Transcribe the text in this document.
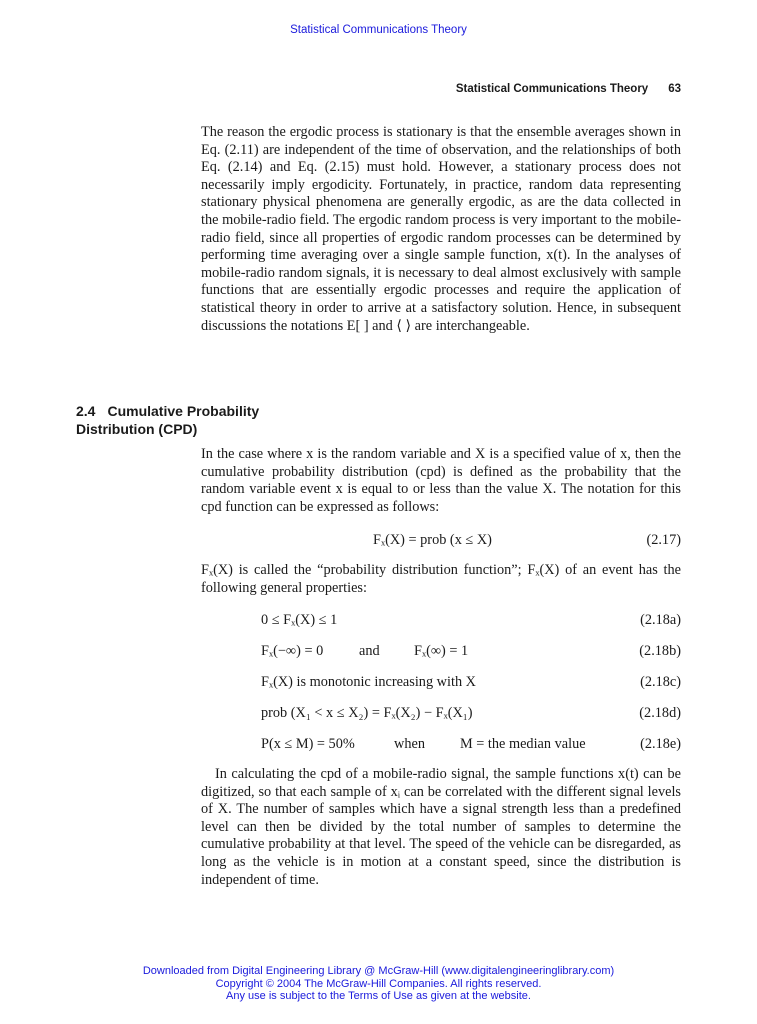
Statistical Communications Theory
Statistical Communications Theory 63

The reason the ergodic process is stationary is that the ensemble averages shown in Eq. (2.11) are independent of the time of observation, and the relationships of both Eq. (2.14) and Eq. (2.15) must hold. However, a stationary process does not necessarily imply ergodicity. Fortunately, in practice, random data representing stationary physical phenomena are generally ergodic, as are the data collected in the mobile-radio field. The ergodic random process is very important to the mobile-radio field, since all properties of ergodic random processes can be determined by performing time averaging over a single sample function, x(t). In the analyses of mobile-radio random signals, it is necessary to deal almost exclusively with sample functions that are essentially ergodic processes and require the application of statistical theory in order to arrive at a satisfactory solution. Hence, in subsequent discussions the notations E[ ] and ⟨ ⟩ are interchangeable.

2.4 Cumulative Probability
Distribution (CPD)

In the case where x is the random variable and X is a specified value of x, then the cumulative probability distribution (cpd) is defined as the probability that the random variable event x is equal to or less than the value X. The notation for this cpd function can be expressed as follows:

Fₓ(X) = prob (x ≤ X)	(2.17)

Fₓ(X) is called the “probability distribution function”; Fₓ(X) of an event has the following general properties:

0 ≤ Fₓ(X) ≤ 1	(2.18a)
Fₓ(−∞) = 0	and Fₓ(∞) = 1	(2.18b)
Fₓ(X) is monotonic increasing with X	(2.18c)
prob (X₁ < x ≤ X₂) = Fₓ(X₂) − Fₓ(X₁)	(2.18d)
P(x ≤ M) = 50%	when M = the median value	(2.18e)

In calculating the cpd of a mobile-radio signal, the sample functions x(t) can be digitized, so that each sample of xᵢ can be correlated with the different signal levels of X. The number of samples which have a signal strength less than a predefined level can then be divided by the total number of samples to determine the cumulative probability at that level. The speed of the vehicle can be disregarded, as long as the vehicle is in motion at a constant speed, since the distribution is independent of time.

Downloaded from Digital Engineering Library @ McGraw-Hill (www.digitalengineeringlibrary.com)
Copyright © 2004 The McGraw-Hill Companies. All rights reserved.
Any use is subject to the Terms of Use as given at the website.
